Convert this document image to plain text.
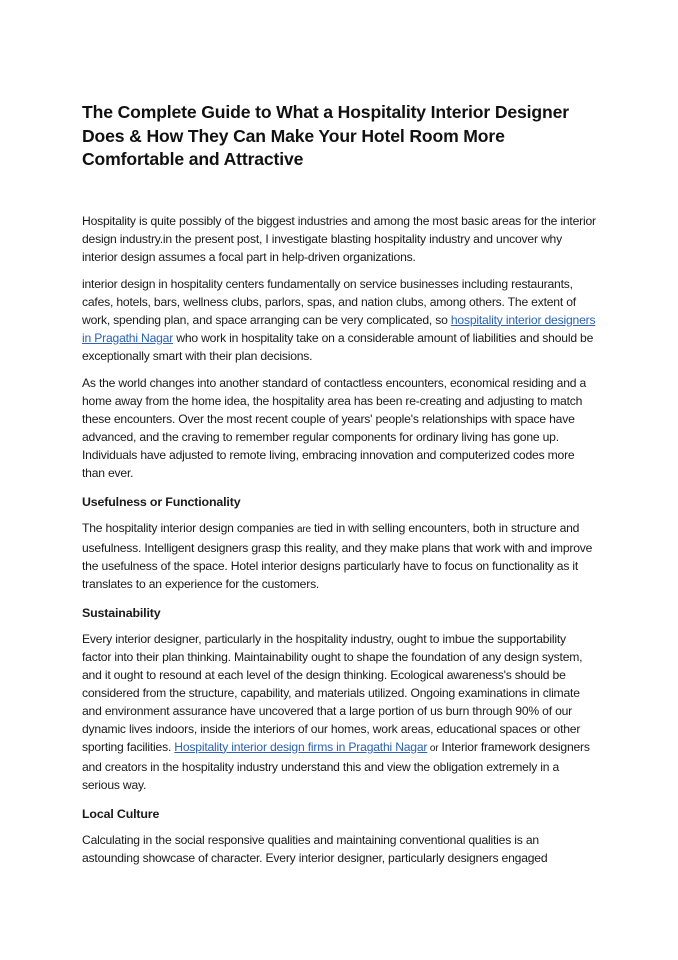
The Complete Guide to What a Hospitality Interior Designer Does & How They Can Make Your Hotel Room More Comfortable and Attractive

Hospitality is quite possibly of the biggest industries and among the most basic areas for the interior design industry.in the present post, I investigate blasting hospitality industry and uncover why interior design assumes a focal part in help-driven organizations.

interior design in hospitality centers fundamentally on service businesses including restaurants, cafes, hotels, bars, wellness clubs, parlors, spas, and nation clubs, among others. The extent of work, spending plan, and space arranging can be very complicated, so hospitality interior designers in Pragathi Nagar who work in hospitality take on a considerable amount of liabilities and should be exceptionally smart with their plan decisions.

As the world changes into another standard of contactless encounters, economical residing and a home away from the home idea, the hospitality area has been re-creating and adjusting to match these encounters. Over the most recent couple of years' people's relationships with space have advanced, and the craving to remember regular components for ordinary living has gone up. Individuals have adjusted to remote living, embracing innovation and computerized codes more than ever.

Usefulness or Functionality

The hospitality interior design companies are tied in with selling encounters, both in structure and usefulness. Intelligent designers grasp this reality, and they make plans that work with and improve the usefulness of the space. Hotel interior designs particularly have to focus on functionality as it translates to an experience for the customers.

Sustainability

Every interior designer, particularly in the hospitality industry, ought to imbue the supportability factor into their plan thinking. Maintainability ought to shape the foundation of any design system, and it ought to resound at each level of the design thinking. Ecological awareness's should be considered from the structure, capability, and materials utilized. Ongoing examinations in climate and environment assurance have uncovered that a large portion of us burn through 90% of our dynamic lives indoors, inside the interiors of our homes, work areas, educational spaces or other sporting facilities. Hospitality interior design firms in Pragathi Nagar or Interior framework designers and creators in the hospitality industry understand this and view the obligation extremely in a serious way.

Local Culture

Calculating in the social responsive qualities and maintaining conventional qualities is an astounding showcase of character. Every interior designer, particularly designers engaged
